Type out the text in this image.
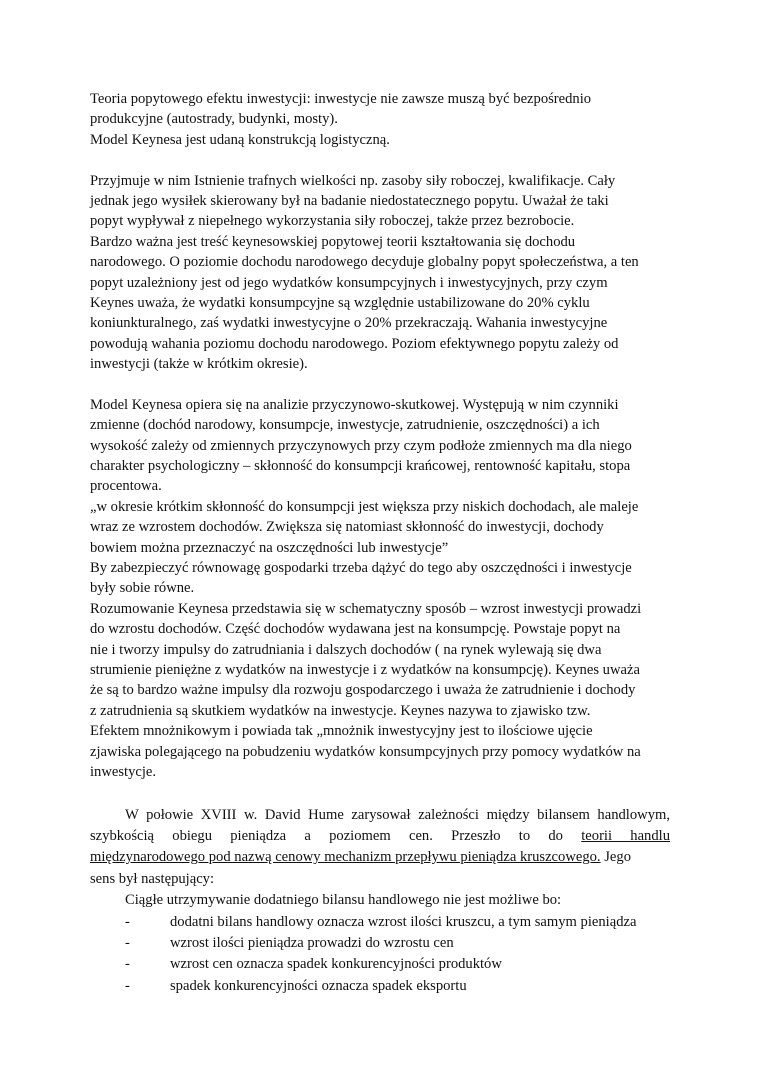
Teoria popytowego efektu inwestycji: inwestycje nie zawsze muszą być bezpośrednio
produkcyjne (autostrady, budynki, mosty).
Model Keynesa jest udaną konstrukcją logistyczną.
Przyjmuje w nim Istnienie trafnych wielkości np. zasoby siły roboczej, kwalifikacje. Cały
jednak jego wysiłek skierowany był na badanie niedostatecznego popytu. Uważał że taki
popyt wypływał z niepełnego wykorzystania siły roboczej, także przez bezrobocie.
Bardzo ważna jest treść keynesowskiej popytowej teorii kształtowania się dochodu
narodowego. O poziomie dochodu narodowego decyduje globalny popyt społeczeństwa, a ten
popyt uzależniony jest od jego wydatków konsumpcyjnych i inwestycyjnych, przy czym
Keynes uważa, że wydatki konsumpcyjne są względnie ustabilizowane do 20% cyklu
koniunkturalnego, zaś wydatki inwestycyjne o 20% przekraczają. Wahania inwestycyjne
powodują wahania poziomu dochodu narodowego. Poziom efektywnego popytu zależy od
inwestycji (także w krótkim okresie).
Model Keynesa opiera się na analizie przyczynowo-skutkowej. Występują w nim czynniki
zmienne (dochód narodowy, konsumpcje, inwestycje, zatrudnienie, oszczędności) a ich
wysokość zależy od zmiennych przyczynowych przy czym podłoże zmiennych ma dla niego
charakter psychologiczny – skłonność do konsumpcji krańcowej, rentowność kapitału, stopa
procentowa.
„w okresie krótkim skłonność do konsumpcji jest większa przy niskich dochodach, ale maleje
wraz ze wzrostem dochodów. Zwiększa się natomiast skłonność do inwestycji, dochody
bowiem można przeznaczyć na oszczędności lub inwestycje”
By zabezpieczyć równowagę gospodarki trzeba dążyć do tego aby oszczędności i inwestycje
były sobie równe.
Rozumowanie Keynesa przedstawia się w schematyczny sposób – wzrost inwestycji prowadzi
do wzrostu dochodów. Część dochodów wydawana jest na konsumpcję. Powstaje popyt na
nie i tworzy impulsy do zatrudniania i dalszych dochodów ( na rynek wylewają się dwa
strumienie pieniężne z wydatków na inwestycje i z wydatków na konsumpcję). Keynes uważa
że są to bardzo ważne impulsy dla rozwoju gospodarczego i uważa że zatrudnienie i dochody
z zatrudnienia są skutkiem wydatków na inwestycje. Keynes nazywa to zjawisko tzw.
Efektem mnożnikowym i powiada tak „mnożnik inwestycyjny jest to ilościowe ujęcie
zjawiska polegającego na pobudzeniu wydatków konsumpcyjnych przy pomocy wydatków na
inwestycje.
W połowie XVIII w. David Hume zarysował zależności między bilansem handlowym,
szybkością obiegu pieniądza a poziomem cen. Przeszło to do teorii handlu
międzynarodowego pod nazwą cenowy mechanizm przepływu pieniądza kruszcowego. Jego
sens był następujący:
Ciągłe utrzymywanie dodatniego bilansu handlowego nie jest możliwe bo:
-	dodatni bilans handlowy oznacza wzrost ilości kruszcu, a tym samym pieniądza
-	wzrost ilości pieniądza prowadzi do wzrostu cen
-	wzrost cen oznacza spadek konkurencyjności produktów
-	spadek konkurencyjności oznacza spadek eksportu
